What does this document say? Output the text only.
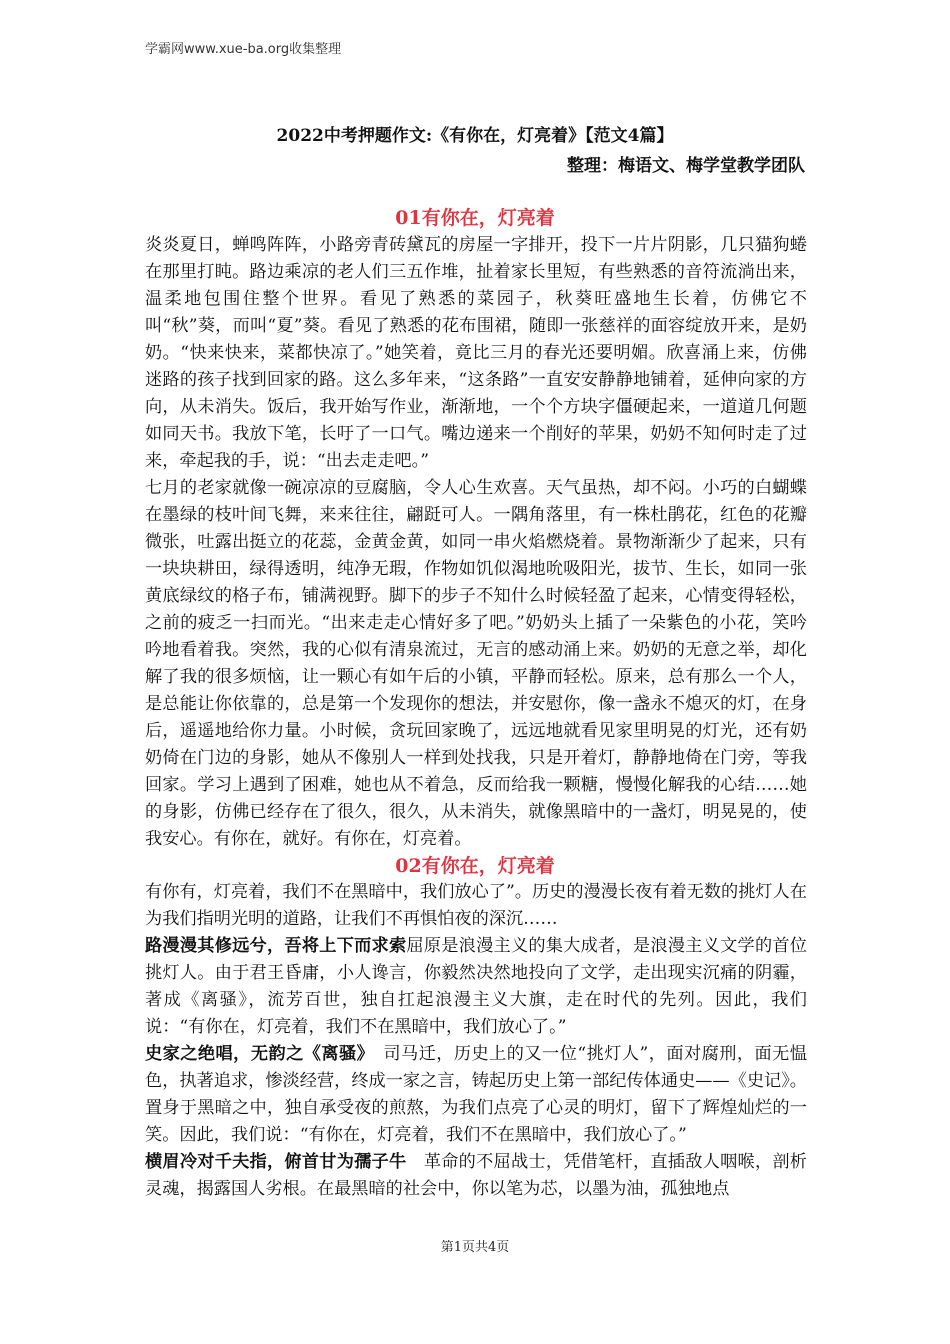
学霸网www.xue-ba.org收集整理
2022中考押题作文:《有你在，灯亮着》【范文4篇】
整理：梅语文、梅学堂教学团队
01有你在，灯亮着

炎炎夏日，蝉鸣阵阵，小路旁青砖黛瓦的房屋一字排开，投下一片片阴影，几只猫狗蜷在那里打盹。路边乘凉的老人们三五作堆，扯着家长里短，有些熟悉的音符流淌出来，温柔地包围住整个世界。看见了熟悉的菜园子，秋葵旺盛地生长着，仿佛它不叫“秋”葵，而叫“夏”葵。看见了熟悉的花布围裙，随即一张慈祥的面容绽放开来，是奶奶。“快来快来，菜都快凉了。”她笑着，竟比三月的春光还要明媚。欣喜涌上来，仿佛迷路的孩子找到回家的路。这么多年来，“这条路”一直安安静静地铺着，延伸向家的方向，从未消失。饭后，我开始写作业，渐渐地，一个个方块字僵硬起来，一道道几何题如同天书。我放下笔，长吁了一口气。嘴边递来一个削好的苹果，奶奶不知何时走了过来，牵起我的手，说：“出去走走吧。”

七月的老家就像一碗凉凉的豆腐脑，令人心生欢喜。天气虽热，却不闷。小巧的白蝴蝶在墨绿的枝叶间飞舞，来来往往，翩跹可人。一隅角落里，有一株杜鹃花，红色的花瓣微张，吐露出挺立的花蕊，金黄金黄，如同一串火焰燃烧着。景物渐渐少了起来，只有一块块耕田，绿得透明，纯净无瑕，作物如饥似渴地吮吸阳光，拔节、生长，如同一张黄底绿纹的格子布，铺满视野。脚下的步子不知什么时候轻盈了起来，心情变得轻松，之前的疲乏一扫而光。“出来走走心情好多了吧。”奶奶头上插了一朵紫色的小花，笑吟吟地看着我。突然，我的心似有清泉流过，无言的感动涌上来。奶奶的无意之举，却化解了我的很多烦恼，让一颗心有如午后的小镇，平静而轻松。原来，总有那么一个人，是总能让你依靠的，总是第一个发现你的想法，并安慰你，像一盏永不熄灭的灯，在身后，遥遥地给你力量。小时候，贪玩回家晚了，远远地就看见家里明晃的灯光，还有奶奶倚在门边的身影，她从不像别人一样到处找我，只是开着灯，静静地倚在门旁，等我回家。学习上遇到了困难，她也从不着急，反而给我一颗糖，慢慢化解我的心结……她的身影，仿佛已经存在了很久，很久，从未消失，就像黑暗中的一盏灯，明晃晃的，使我安心。有你在，就好。有你在，灯亮着。

02有你在，灯亮着

有你有，灯亮着，我们不在黑暗中，我们放心了”。历史的漫漫长夜有着无数的挑灯人在为我们指明光明的道路，让我们不再惧怕夜的深沉……

路漫漫其修远兮，吾将上下而求索屈原是浪漫主义的集大成者，是浪漫主义文学的首位挑灯人。由于君王昏庸，小人谗言，你毅然决然地投向了文学，走出现实沉痛的阴霾，著成《离骚》，流芳百世，独自扛起浪漫主义大旗，走在时代的先列。因此，我们说：“有你在，灯亮着，我们不在黑暗中，我们放心了。”

史家之绝唱，无韵之《离骚》　司马迁，历史上的又一位“挑灯人”，面对腐刑，面无愠色，执著追求，惨淡经营，终成一家之言，铸起历史上第一部纪传体通史——《史记》。置身于黑暗之中，独自承受夜的煎熬，为我们点亮了心灵的明灯，留下了辉煌灿烂的一笑。因此，我们说：“有你在，灯亮着，我们不在黑暗中，我们放心了。”

横眉冷对千夫指，俯首甘为孺子牛　革命的不屈战士，凭借笔杆，直插敌人咽喉，剖析灵魂，揭露国人劣根。在最黑暗的社会中，你以笔为芯，以墨为油，孤独地点

第1页共4页
